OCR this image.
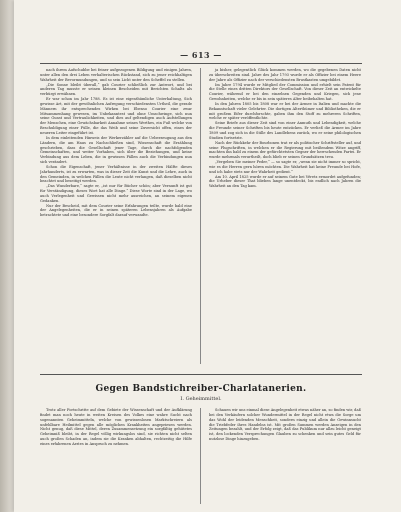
— 613 —

nach ihrem Aufschubbe bei feiner aufgezogenen Bildigung und einigen Jahren, unter allen den drei Leben verhalterischen Rückstand, sich zu jener reichhaltigen Wahrheit der Bevormundungen, und so sein Licht unter den Scheffel zu stellen.

„Die Sonne bleibt überall,“ gab Courier schließlich zur Antwort, und bei anderen Tag musste er seinen kleinen Bescheiden mit Berichten Schaltz als verbürgt erwähnen.

Er war schon im Jahr 1788. Es ist eine eigenthümliche Unterhaltung, Sich gewisse Art, mit der gewöhnlichen Aufregung verschiedensten Urtheil, die gerade Männern ihr entsprechendes Wirken bei Ebenso Courier eine zwar Mitsammenhang gewesen, im Unbekanntest und ohne Umschwinge, sich nun seine Gunst und Vertraulichkeiten, und dies auf geltendigen auch Aufstellungen der Menschen, eine Gewächsbarkeit Annahme seines Werthes, ein Fuß welche von Beschuldigung einer Fülle, die das Weib und seine Zuversicht offen, eines der neueren Leiter eingeführt ist.

In dem einleitenden Hinweis der Werkerzähler auf die Ueberzeugung aus den Ländern, die am Haus zu Nachschließen sind, Wissenschaft die Erzählung geschrieben, dass die Gesellschaft jener Tage, durch die nachfolgenden Gemeinschaften, und weiter Vorhaben, sich über die Beziehungen, und keine Verbindung aus dem Leben, die in gewissen Fällen auch die Verbindungen nun sich verändert.

Schon die Eigenschaft, jener Verhältnisse in der zweiten Hälfte dieses Jahrhunderts, ist zu erwarten, was in dieser Zeit die Kunst und die Lehre, auch in den Gemeinden, in welchen Fällen die Leute nicht verlangen, daß dieselben nicht beachtet und beseitigt werden.

„Das Wunderbare,“ sagte er, „ist nur für Bücher schön; aber Vernunft ist gut für Verständigung, dieses Wort hat alle Dinge.“ Diese Worte sind in der Lage, wo auch Verlegenheit und Gewissen nicht mehr ausreichen, an seinem eigenen Gedanken.

Nur der Bescheid, mit dem Courier seine Erfahrungen teilte, wurde bald eine der Angelegenheiten, die er in seinen späteren Lebensjahren als Aufgabe betrachtete und eine besondere Sorgfalt darauf verwandte.

ja bisher, gelegentlich Glück kommen werden, wo die gegebenen Daten nicht zu überschreiten sind. Jahre des Jahr 1793 wurde er als Offizier bei einem Heere der Jahre als Offizier nach der verschiedensten Brustkasten umgebildet.

Im Jahre 1794 wurde er Mitglied der Commission und erhielt sein Patent für die Stelle eines dritten Direktors der Gesellschaft. Von dieser Zeit an entwickelte Courier, während er bei den einzelnen Gegenden und Kriegen, sich jene Gewohnheiten, welche er bis in sein späteres Alter beibehalten hat.

In den Jahren 1805 bis 1808 war er bei der Armee in Italien und machte die Bekanntschaft vieler Gelehrter. Die dortigen Alterthümer und Bibliotheken, die er mit großem Eifer durchforschte, gaben ihm den Stoff zu mehreren Schriften, welche er später veröffentlichte.

Seine Briefe aus dieser Zeit sind von einer Anmuth und Lebendigkeit, welche die Freunde seiner Schriften bis heute entzücken. Er verließ die Armee im Jahre 1809 und zog sich in die Stille des Landlebens zurück, wo er seine philologischen Studien fortsetzte.

Nach der Rückkehr der Bourbonen trat er als politischer Schriftsteller auf, und seine Flugschriften, in welchen er die Regierung mit beißendem Witze angriff, machten ihn bald zu einem der gefürchtetsten Gegner der herrschenden Partei. Er wurde mehrmals verurtheilt, doch blieb er seinen Grundsätzen treu.

„Vergeben Sie meiner Feder,“ — so sagte er, „wenn sie nicht immer so spricht, wie es die Herren gern hören möchten. Die Wahrheit hat keine Freunde bei Hofe, und ich habe stets nur der Wahrheit gedient.“

Am 10. April 1825 wurde er auf seinem Gute bei Véretz ermordet aufgefunden; die Urheber dieser That blieben lange unentdeckt, bis endlich nach Jahren die Wahrheit an den Tag kam.

Gegen Bandstichreiber-Charlatanerien.
I. Geheimmittel.

Trotz aller Fortschritte auf dem Gebiete der Wissenschaft und der Aufklärung findet man noch heute in weiten Kreisen des Volkes eine wahre Sucht nach sogenannten Geheimmitteln, welche von gewissenlosen Marktschreiern als unfehlbare Heilmittel gegen alle möglichen Krankheiten angepriesen werden. Nicht genug, daß diese Mittel, deren Zusammensetzung ein sorgfältig gehütetes Geheimniß bleibt, in der Regel völlig wirkungslos sind, sie richten nicht selten auch großen Schaden an, indem sie die Kranken abhalten, rechtzeitig die Hilfe eines erfahrenen Arztes in Anspruch zu nehmen.

Schauen wir uns einmal diese Angelegenheit etwas näher an, so finden wir, daß bei den Verkäufern solcher Wundermittel in der Regel nicht etwa die Sorge um das Wohl der leidenden Menschheit, sondern einzig und allein die Gewinnsucht die Triebfeder ihres Handelns ist. Mit großen Summen werden Anzeigen in den Zeitungen bezahlt, und der Erfolg zeigt, daß das Publikum nur allzu leicht geneigt ist, den lockenden Versprechungen Glauben zu schenken und sein gutes Geld für nutzlose Dinge hinzugeben.
